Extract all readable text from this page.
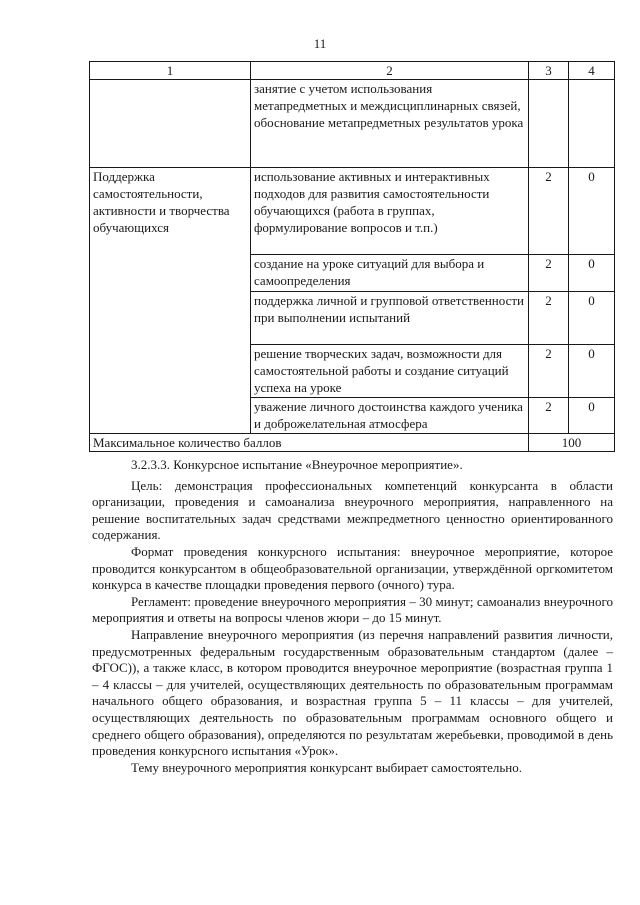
11
1	2	3	4
	занятие с учетом использования метапредметных и междисциплинарных связей, обоснование метапредметных результатов урока		
Поддержка самостоятельности, активности и творчества обучающихся	использование активных и интерактивных подходов для развития самостоятельности обучающихся (работа в группах, формулирование вопросов и т.п.)	2	0
	создание на уроке ситуаций для выбора и самоопределения	2	0
	поддержка личной и групповой ответственности при выполнении испытаний	2	0
	решение творческих задач, возможности для самостоятельной работы и создание ситуаций успеха на уроке	2	0
	уважение личного достоинства каждого ученика и доброжелательная атмосфера	2	0
Максимальное количество баллов		100	

3.2.3.3. Конкурсное испытание «Внеурочное мероприятие».

Цель: демонстрация профессиональных компетенций конкурсанта в области организации, проведения и самоанализа внеурочного мероприятия, направленного на решение воспитательных задач средствами межпредметного ценностно ориентированного содержания.

Формат проведения конкурсного испытания: внеурочное мероприятие, которое проводится конкурсантом в общеобразовательной организации, утверждённой оргкомитетом конкурса в качестве площадки проведения первого (очного) тура.

Регламент: проведение внеурочного мероприятия – 30 минут; самоанализ внеурочного мероприятия и ответы на вопросы членов жюри – до 15 минут.

Направление внеурочного мероприятия (из перечня направлений развития личности, предусмотренных федеральным государственным образовательным стандартом (далее – ФГОС)), а также класс, в котором проводится внеурочное мероприятие (возрастная группа 1 – 4 классы – для учителей, осуществляющих деятельность по образовательным программам начального общего образования, и возрастная группа 5 – 11 классы – для учителей, осуществляющих деятельность по образовательным программам основного общего и среднего общего образования), определяются по результатам жеребьевки, проводимой в день проведения конкурсного испытания «Урок».

Тему внеурочного мероприятия конкурсант выбирает самостоятельно.
